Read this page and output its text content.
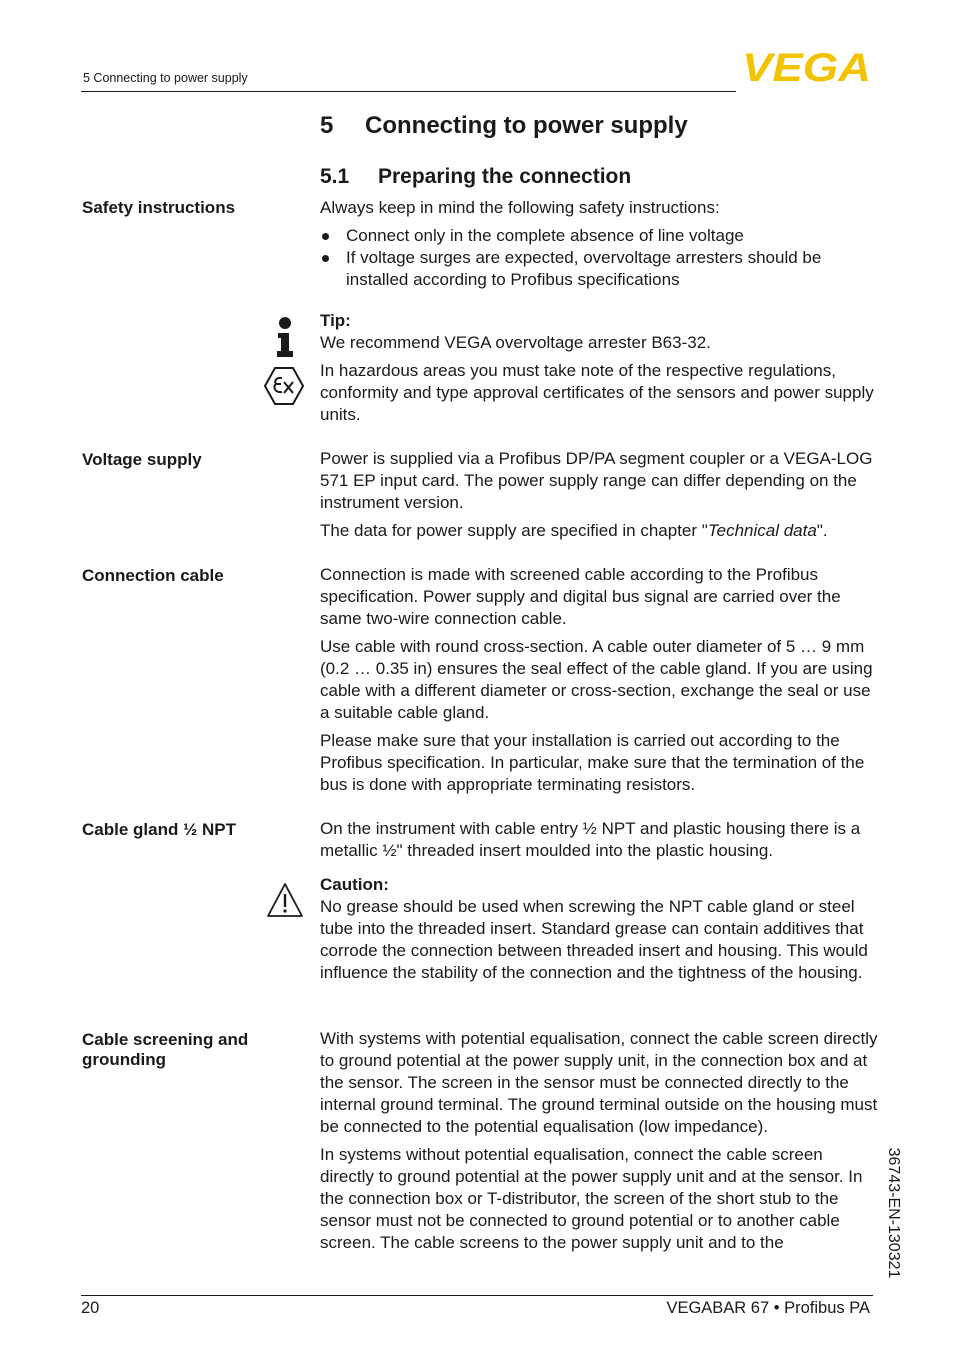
5 Connecting to power supply	VEGA
5 Connecting to power supply
5.1 Preparing the connection
Safety instructions	Always keep in mind the following safety instructions:
Connect only in the complete absence of line voltage
If voltage surges are expected, overvoltage arresters should be installed according to Profibus specifications

Tip:

We recommend VEGA overvoltage arrester B63-32.

In hazardous areas you must take note of the respective regulations, conformity and type approval certificates of the sensors and power supply units.
Voltage supply	Power is supplied via a Profibus DP/PA segment coupler or a VEGA-LOG 571 EP input card. The power supply range can differ depending on the instrument version.

The data for power supply are specified in chapter "Technical data".

Connection cable	Connection is made with screened cable according to the Profibus specification. Power supply and digital bus signal are carried over the same two-wire connection cable.

Use cable with round cross-section. A cable outer diameter of 5 … 9 mm (0.2 … 0.35 in) ensures the seal effect of the cable gland. If you are using cable with a different diameter or cross-section, exchange the seal or use a suitable cable gland.

Please make sure that your installation is carried out according to the Profibus specification. In particular, make sure that the termination of the bus is done with appropriate terminating resistors.

Cable gland ½ NPT	On the instrument with cable entry ½ NPT and plastic housing there is a metallic ½" threaded insert moulded into the plastic housing.

Caution:

No grease should be used when screwing the NPT cable gland or steel tube into the threaded insert. Standard grease can contain additives that corrode the connection between threaded insert and housing. This would influence the stability of the connection and the tightness of the housing.

Cable screening and grounding

With systems with potential equalisation, connect the cable screen directly to ground potential at the power supply unit, in the connection box and at the sensor. The screen in the sensor must be connected directly to the internal ground terminal. The ground terminal outside on the housing must be connected to the potential equalisation (low impedance).

In systems without potential equalisation, connect the cable screen directly to ground potential at the power supply unit and at the sensor. In the connection box or T-distributor, the screen of the short stub to the sensor must not be connected to ground potential or to another cable screen. The cable screens to the power supply unit and to the	36743-EN-130321
20	VEGABAR 67 • Profibus PA
